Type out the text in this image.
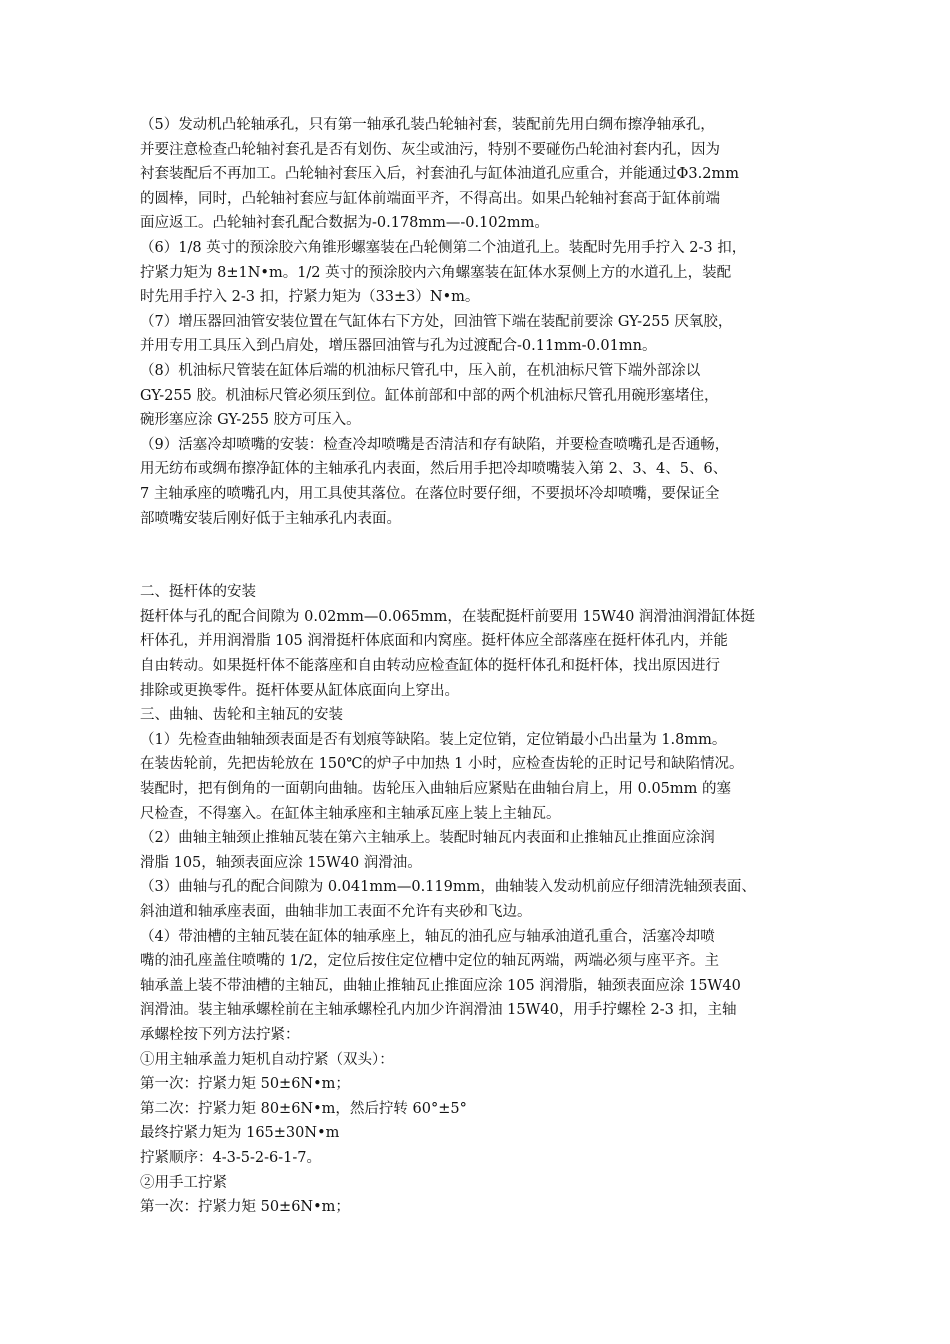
（5）发动机凸轮轴承孔，只有第一轴承孔装凸轮轴衬套，装配前先用白绸布擦净轴承孔，
并要注意检查凸轮轴衬套孔是否有划伤、灰尘或油污，特别不要碰伤凸轮油衬套内孔，因为
衬套装配后不再加工。凸轮轴衬套压入后，衬套油孔与缸体油道孔应重合，并能通过Φ3.2mm
的圆棒，同时，凸轮轴衬套应与缸体前端面平齐，不得高出。如果凸轮轴衬套高于缸体前端
面应返工。凸轮轴衬套孔配合数据为-0.178mm—-0.102mm。
（6）1/8 英寸的预涂胶六角锥形螺塞装在凸轮侧第二个油道孔上。装配时先用手拧入 2-3 扣，
拧紧力矩为 8±1N•m。1/2 英寸的预涂胶内六角螺塞装在缸体水泵侧上方的水道孔上，装配
时先用手拧入 2-3 扣，拧紧力矩为（33±3）N•m。
（7）增压器回油管安装位置在气缸体右下方处，回油管下端在装配前要涂 GY-255 厌氧胶，
并用专用工具压入到凸肩处，增压器回油管与孔为过渡配合-0.11mm-0.01mn。
（8）机油标尺管装在缸体后端的机油标尺管孔中，压入前，在机油标尺管下端外部涂以
GY-255 胶。机油标尺管必须压到位。缸体前部和中部的两个机油标尺管孔用碗形塞堵住，
碗形塞应涂 GY-255 胶方可压入。
（9）活塞冷却喷嘴的安装：检查冷却喷嘴是否清洁和存有缺陷，并要检查喷嘴孔是否通畅，
用无纺布或绸布擦净缸体的主轴承孔内表面，然后用手把冷却喷嘴装入第 2、3、4、5、6、
7 主轴承座的喷嘴孔内，用工具使其落位。在落位时要仔细，不要损坏冷却喷嘴，要保证全
部喷嘴安装后刚好低于主轴承孔内表面。
二、挺杆体的安装
挺杆体与孔的配合间隙为 0.02mm—0.065mm，在装配挺杆前要用 15W40 润滑油润滑缸体挺
杆体孔，并用润滑脂 105 润滑挺杆体底面和内窝座。挺杆体应全部落座在挺杆体孔内，并能
自由转动。如果挺杆体不能落座和自由转动应检查缸体的挺杆体孔和挺杆体，找出原因进行
排除或更换零件。挺杆体要从缸体底面向上穿出。
三、曲轴、齿轮和主轴瓦的安装
（1）先检查曲轴轴颈表面是否有划痕等缺陷。装上定位销，定位销最小凸出量为 1.8mm。
在装齿轮前，先把齿轮放在 150℃的炉子中加热 1 小时，应检查齿轮的正时记号和缺陷情况。
装配时，把有倒角的一面朝向曲轴。齿轮压入曲轴后应紧贴在曲轴台肩上，用 0.05mm 的塞
尺检查，不得塞入。在缸体主轴承座和主轴承瓦座上装上主轴瓦。
（2）曲轴主轴颈止推轴瓦装在第六主轴承上。装配时轴瓦内表面和止推轴瓦止推面应涂润
滑脂 105，轴颈表面应涂 15W40 润滑油。
（3）曲轴与孔的配合间隙为 0.041mm—0.119mm，曲轴装入发动机前应仔细清洗轴颈表面、
斜油道和轴承座表面，曲轴非加工表面不允许有夹砂和飞边。
（4）带油槽的主轴瓦装在缸体的轴承座上，轴瓦的油孔应与轴承油道孔重合，活塞冷却喷
嘴的油孔座盖住喷嘴的 1/2，定位后按住定位槽中定位的轴瓦两端，两端必须与座平齐。主
轴承盖上装不带油槽的主轴瓦，曲轴止推轴瓦止推面应涂 105 润滑脂，轴颈表面应涂 15W40
润滑油。装主轴承螺栓前在主轴承螺栓孔内加少许润滑油 15W40，用手拧螺栓 2-3 扣，主轴
承螺栓按下列方法拧紧：
①用主轴承盖力矩机自动拧紧（双头）：
第一次：拧紧力矩 50±6N•m；
第二次：拧紧力矩 80±6N•m，然后拧转 60°±5°
最终拧紧力矩为 165±30N•m
拧紧顺序：4-3-5-2-6-1-7。
②用手工拧紧
第一次：拧紧力矩 50±6N•m；
